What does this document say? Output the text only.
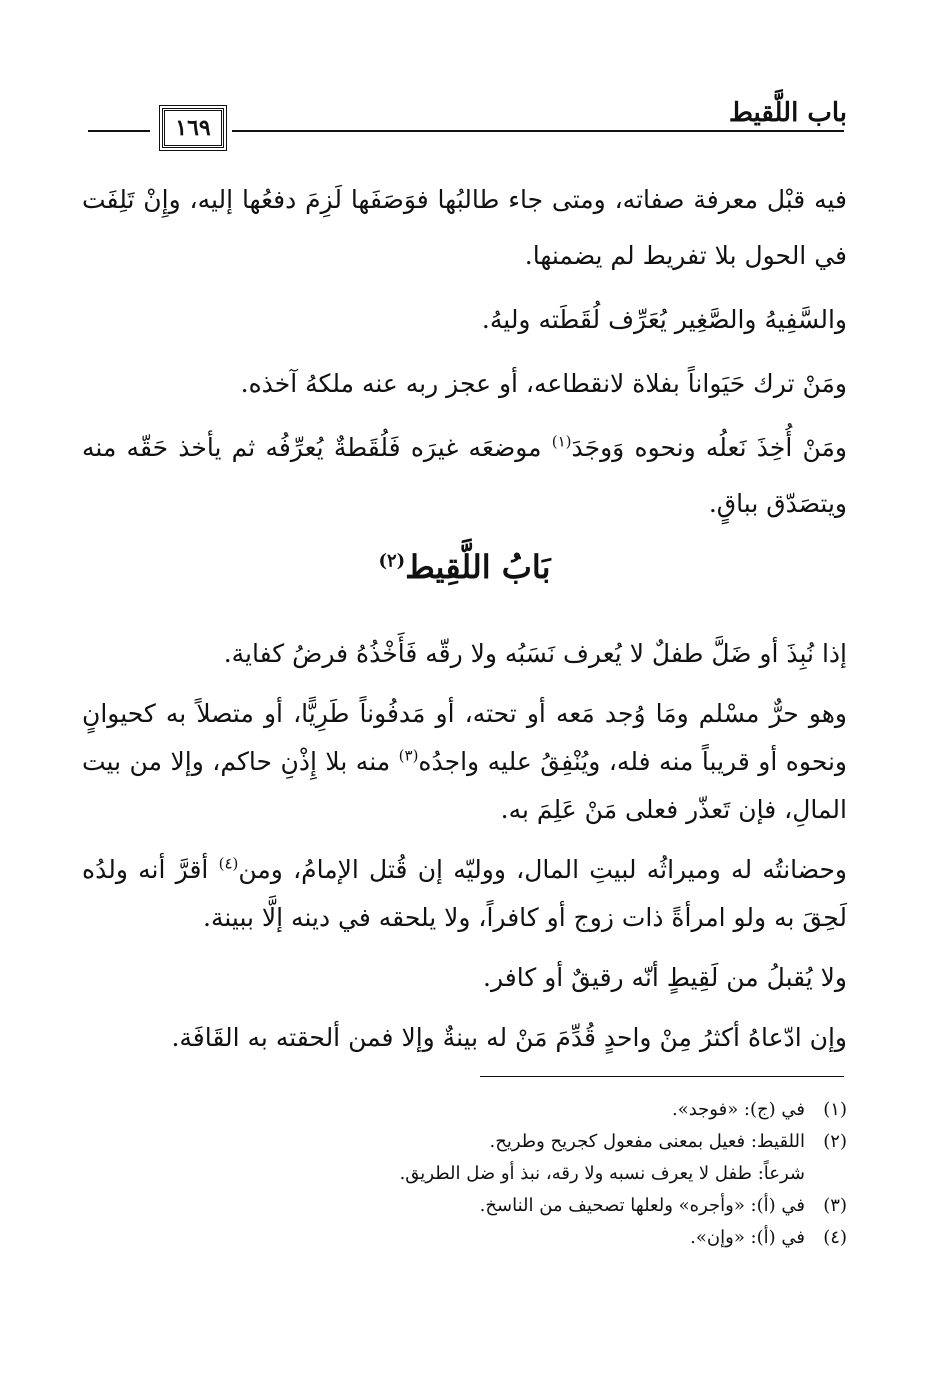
باب اللَّقيط
١٦٩

فيه قبْل معرفة صفاته، ومتى جاء طالبُها فوَصَفَها لَزِمَ دفعُها إليه، وإِنْ تَلِفَت في الحول بلا تفريط لم يضمنها.

والسَّفِيهُ والصَّغِير يُعَرِّف لُقَطَته وليهُ.

ومَنْ ترك حَيَواناً بفلاة لانقطاعه، أو عجز ربه عنه ملكهُ آخذه.

ومَنْ أُخِذَ نَعلُه ونحوه وَوجَدَ$^{(١)}$ موضعَه غيرَه فَلُقَطةٌ يُعرِّفُه ثم يأخذ حَقّه منه ويتصَدّق بباقٍ.

بَابُ اللَّقِيط$^{(٢)}$

إذا نُبِذَ أو ضَلَّ طفلٌ لا يُعرف نَسَبُه ولا رقّه فَأَخْذُهُ فرضُ كفاية.

وهو حرٌّ مسْلم ومَا وُجد مَعه أو تحته، أو مَدفُوناً طَرِيًّا، أو متصلاً به كحيوانٍ ونحوه أو قريباً منه فله، ويُنْفِقُ عليه واجدُه$^{(٣)}$ منه بلا إِذْنِ حاكم، وإلا من بيت المالِ، فإن تَعذّر فعلى مَنْ عَلِمَ به.

وحضانتُه له وميراثُه لبيتِ المال، ووليّه إن قُتل الإمامُ، ومن$^{(٤)}$ أقرَّ أنه ولدُه لَحِقَ به ولو امرأةً ذات زوج أو كافراً، ولا يلحقه في دينه إلَّا ببينة.

ولا يُقبلُ من لَقِيطٍ أنّه رقيقٌ أو كافر.

وإن ادّعاهُ أكثرُ مِنْ واحدٍ قُدِّمَ مَنْ له بينةٌ وإلا فمن ألحقته به القَافَة.

(١)في (ج): «فوجد».

(٢)اللقيط: فعيل بمعنى مفعول كجريح وطريح.

شرعاً: طفل لا يعرف نسبه ولا رقه، نبذ أو ضل الطريق.

(٣)في (أ): «وأجره» ولعلها تصحيف من الناسخ.

(٤)في (أ): «وإن».
